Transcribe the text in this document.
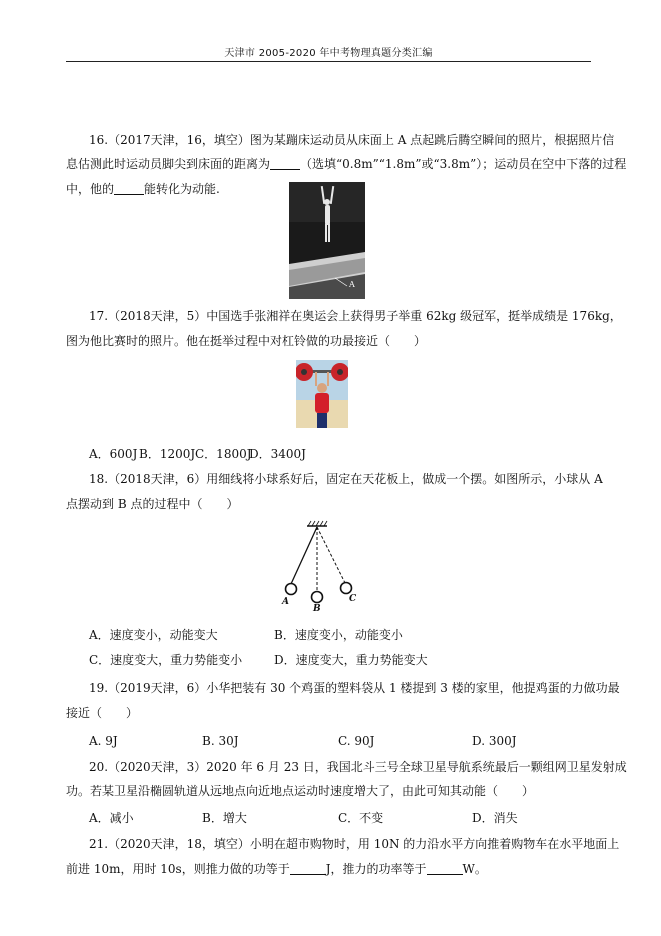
天津市 2005-2020 年中考物理真题分类汇编
16.（2017天津，16，填空）图为某蹦床运动员从床面上 A 点起跳后腾空瞬间的照片，根据照片信
息估测此时运动员脚尖到床面的距离为	（选填“0.8m”“1.8m”或“3.8m”）；运动员在空中下落的过程
中，他的	能转化为动能.
A
17.（2018天津，5）中国选手张湘祥在奥运会上获得男子举重 62kg 级冠军，挺举成绩是 176kg，
图为他比赛时的照片。他在挺举过程中对杠铃做的功最接近（　　）
A．600J B．1200J C．1800J
D．3400J
18.（2018天津，6）用细线将小球系好后，固定在天花板上，做成一个摆。如图所示，小球从 A
点摆动到 B 点的过程中（　　）
A
B
C
A．速度变小，动能变大	B．速度变小，动能变小
C．速度变大，重力势能变小	D．速度变大，重力势能变大
19.（2019天津，6）小华把装有 30 个鸡蛋的塑料袋从 1 楼提到 3 楼的家里，他提鸡蛋的力做功最
接近（　　）
A. 9J	B. 30J	C. 90J	D. 300J
20.（2020天津，3）2020 年 6 月 23 日，我国北斗三号全球卫星导航系统最后一颗组网卫星发射成
功。若某卫星沿椭圆轨道从远地点向近地点运动时速度增大了，由此可知其动能（　　）
A．减小	B．增大	C．不变	D．消失
21.（2020天津，18，填空）小明在超市购物时，用 10N 的力沿水平方向推着购物车在水平地面上
前进 10m，用时 10s，则推力做的功等于	J，推力的功率等于	W。
